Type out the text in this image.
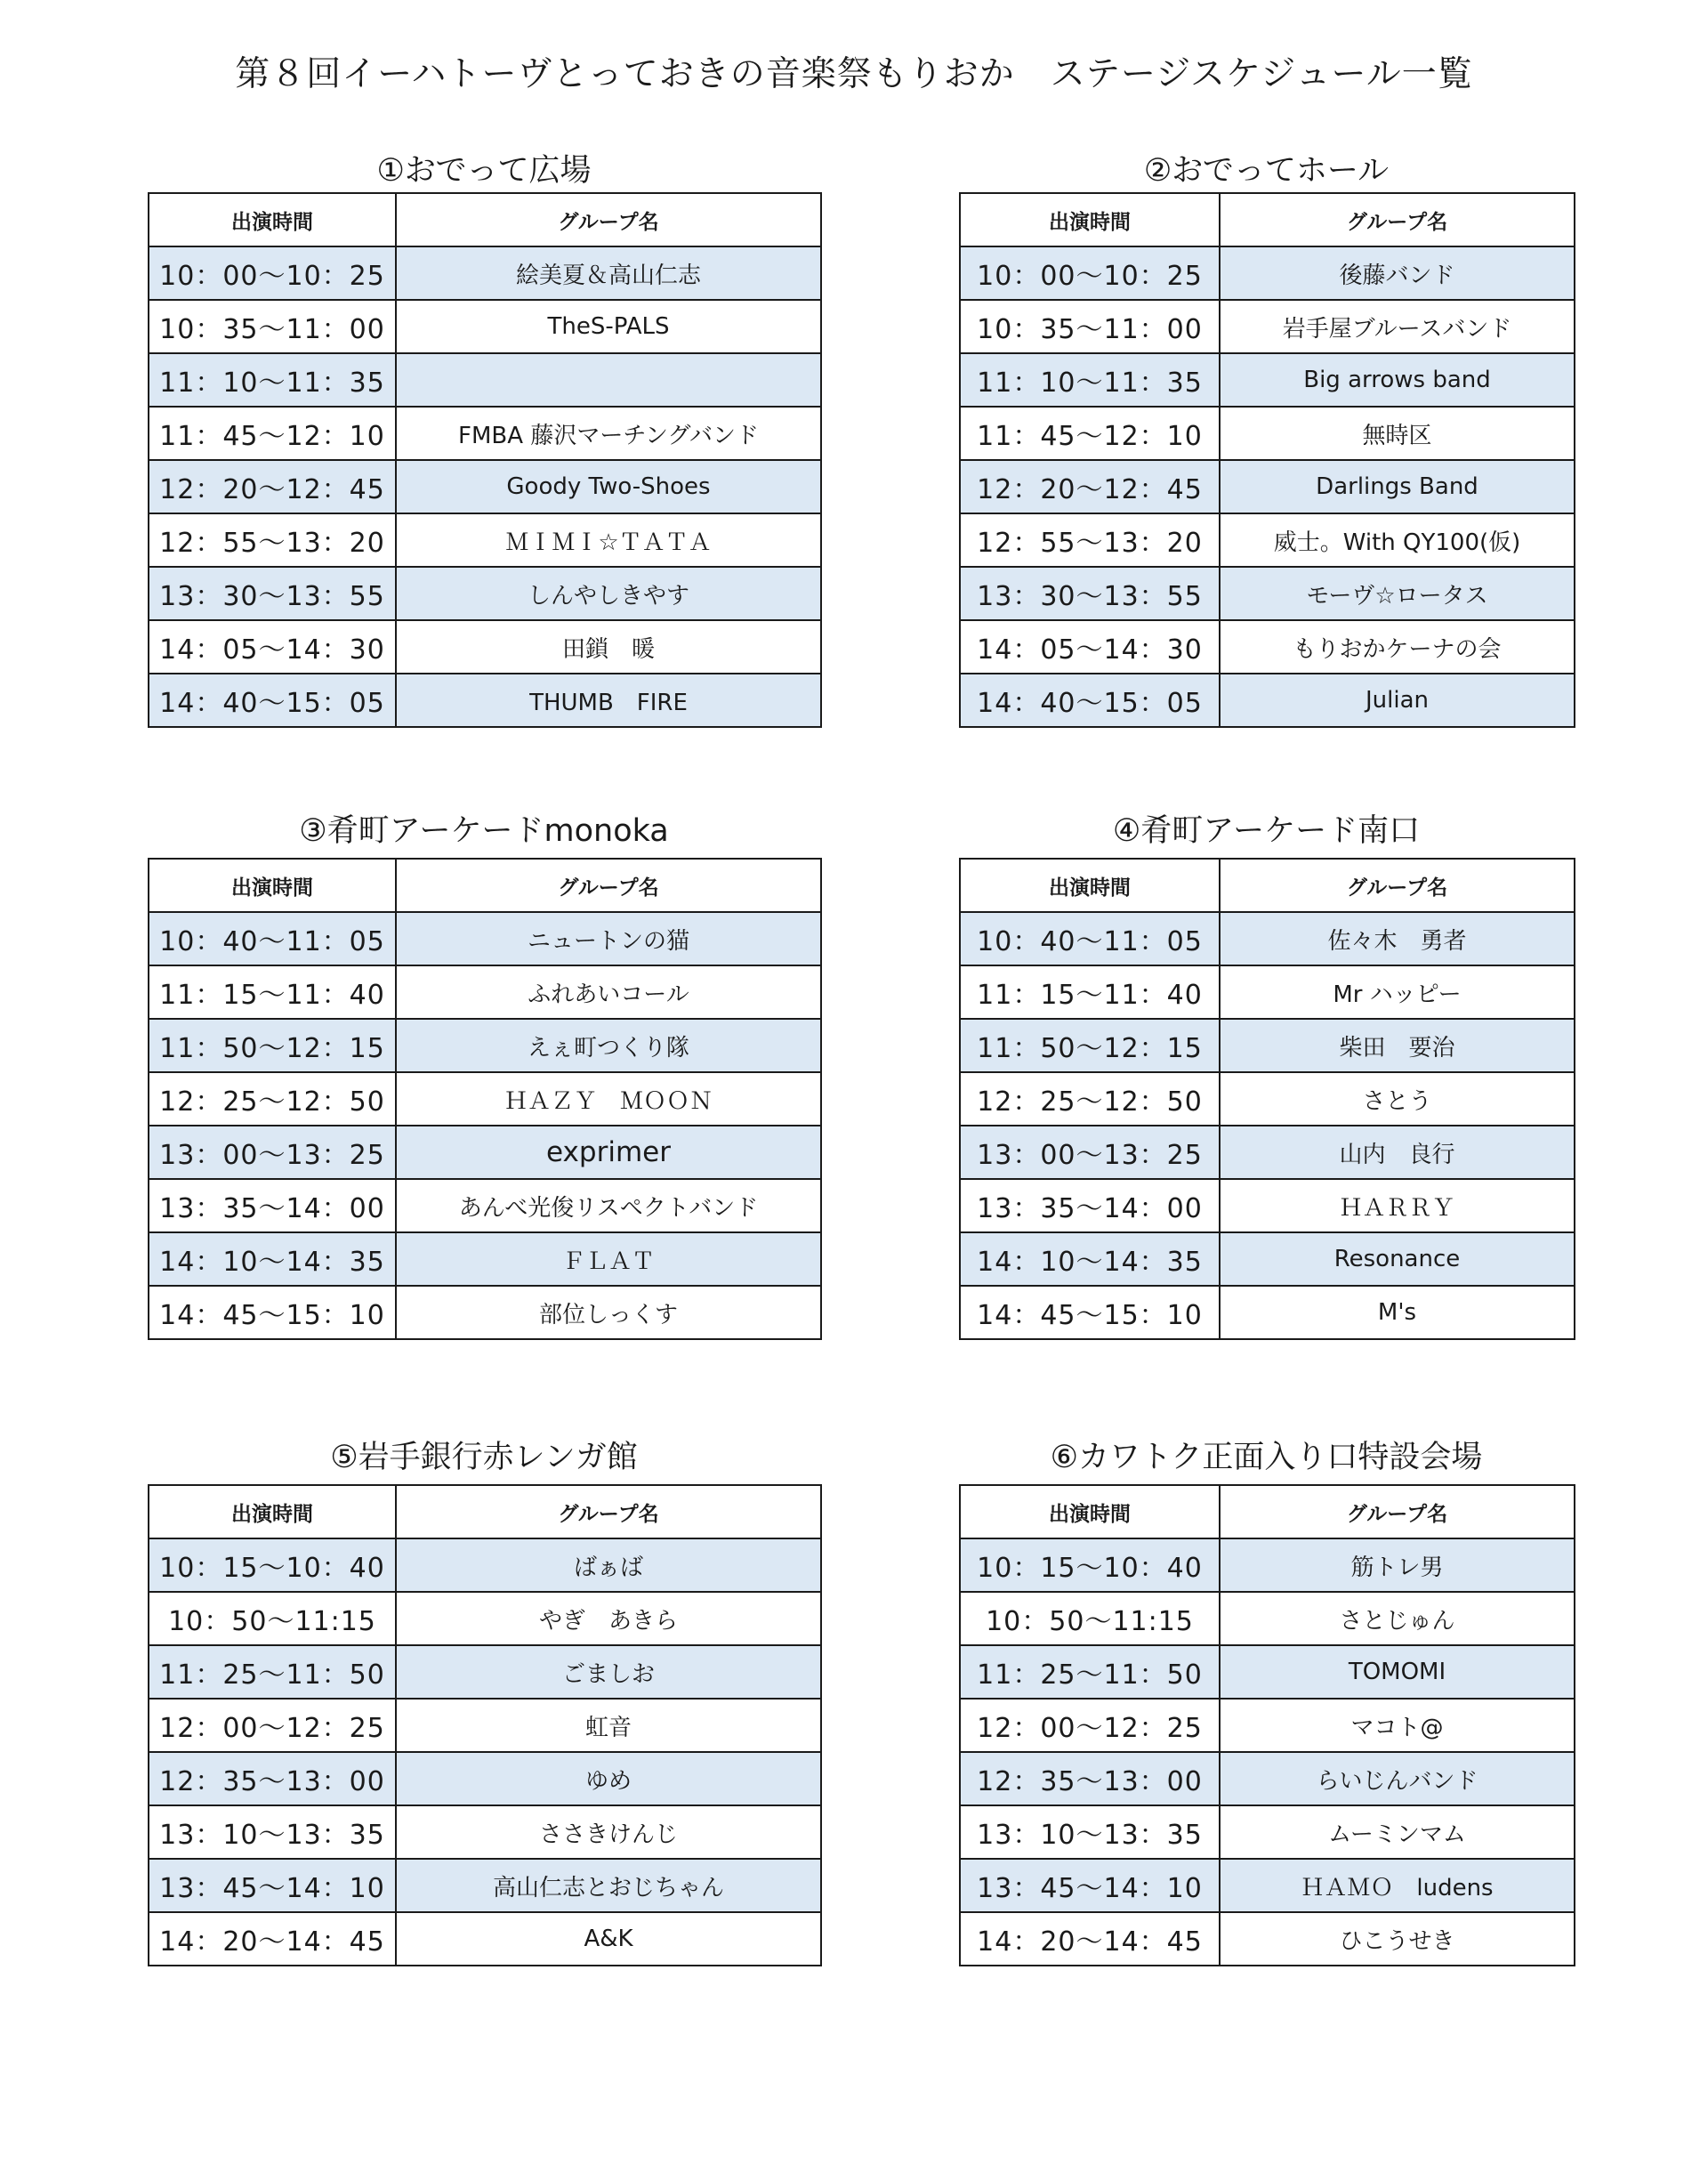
第８回イーハトーヴとっておきの音楽祭もりおか　ステージスケジュール一覧
①おでって広場
出演時間	グループ名
10：00〜10：25	絵美夏＆高山仁志
10：35〜11：00	TheS-PALS
11：10〜11：35	
11：45〜12：10	FMBA 藤沢マーチングバンド
12：20〜12：45	Goody Two-Shoes
12：55〜13：20	ＭＩＭＩ☆ＴＡＴＡ
13：30〜13：55	しんやしきやす
14：05〜14：30	田鎖　暖
14：40〜15：05	THUMB　FIRE
②おでってホール
出演時間	グループ名
10：00〜10：25	後藤バンド
10：35〜11：00	岩手屋ブルースバンド
11：10〜11：35	Big arrows band
11：45〜12：10	無時区
12：20〜12：45	Darlings Band
12：55〜13：20	威士。With QY100(仮)
13：30〜13：55	モーヴ☆ロータス
14：05〜14：30	もりおかケーナの会
14：40〜15：05	Julian
③肴町アーケードmonoka
出演時間	グループ名
10：40〜11：05	ニュートンの猫
11：15〜11：40	ふれあいコール
11：50〜12：15	えぇ町つくり隊
12：25〜12：50	ＨＡＺＹ　ＭＯＯＮ
13：00〜13：25	exprimer
13：35〜14：00	あんべ光俊リスペクトバンド
14：10〜14：35	ＦＬＡＴ
14：45〜15：10	部位しっくす
④肴町アーケード南口
出演時間	グループ名
10：40〜11：05	佐々木　勇者
11：15〜11：40	Mr ハッピー
11：50〜12：15	柴田　要治
12：25〜12：50	さとう
13：00〜13：25	山内　良行
13：35〜14：00	ＨＡＲＲＹ
14：10〜14：35	Resonance
14：45〜15：10	M's
⑤岩手銀行赤レンガ館
出演時間	グループ名
10：15〜10：40	ばぁば
10：50〜11:15	やぎ　あきら
11：25〜11：50	ごましお
12：00〜12：25	虹音
12：35〜13：00	ゆめ
13：10〜13：35	ささきけんじ
13：45〜14：10	高山仁志とおじちゃん
14：20〜14：45	A&K
⑥カワトク正面入り口特設会場
出演時間	グループ名
10：15〜10：40	筋トレ男
10：50〜11:15	さとじゅん
11：25〜11：50	TOMOMI
12：00〜12：25	マコト@
12：35〜13：00	らいじんバンド
13：10〜13：35	ムーミンマム
13：45〜14：10	ＨＡＭＯ　ludens
14：20〜14：45	ひこうせき
